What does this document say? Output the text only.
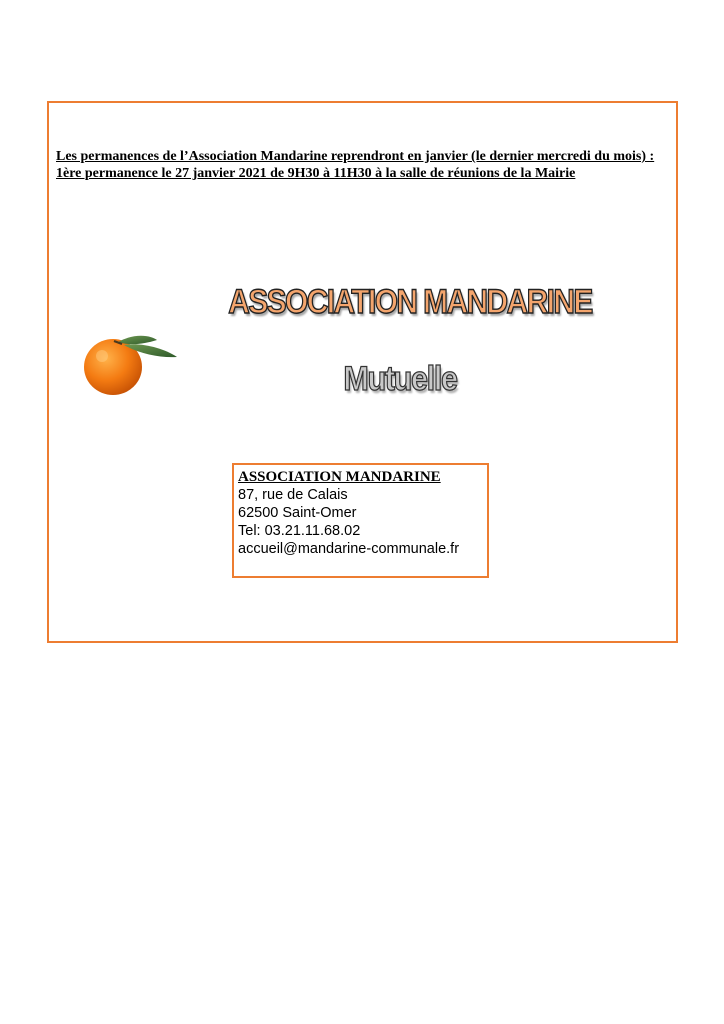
Les permanences de l’Association Mandarine reprendront en janvier (le dernier mercredi du mois) :

1ère permanence le 27 janvier 2021 de 9H30 à 11H30 à la salle de réunions de la Mairie

ASSOCIATION MANDARINE
Mutuelle
ASSOCIATION MANDARINE
87, rue de Calais
62500 Saint-Omer
Tel: 03.21.11.68.02
accueil@mandarine-communale.fr
